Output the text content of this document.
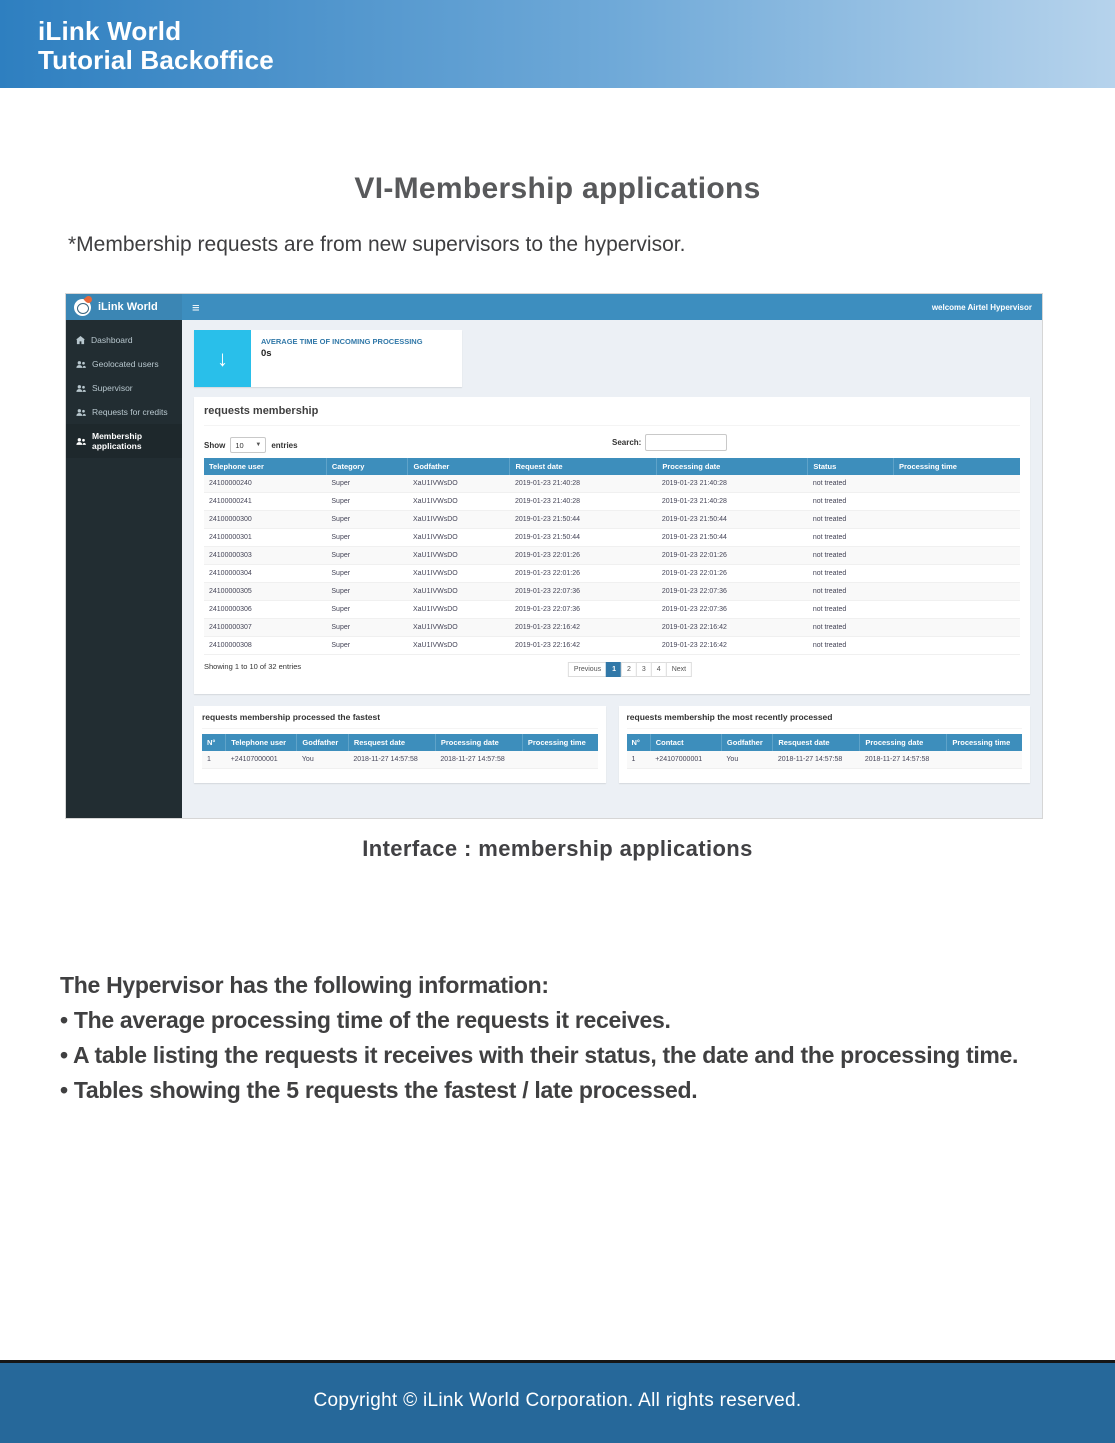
iLink World
Tutorial Backoffice
VI-Membership applications
*Membership requests are from new supervisors to the hypervisor.
iLink World	≡	welcome Airtel Hypervisor
Dashboard
Geolocated users
Supervisor
Requests for credits
Membership applications
↓
AVERAGE TIME OF INCOMING PROCESSING
0s
requests membership
Show 10 ▼ entries	Search:
Telephone user	Category	Godfather	Request date	Processing date	Status	Processing time
24100000240	Super	XaU1IVWsDO	2019-01-23 21:40:28	2019-01-23 21:40:28	not treated	
24100000241	Super	XaU1IVWsDO	2019-01-23 21:40:28	2019-01-23 21:40:28	not treated	
24100000300	Super	XaU1IVWsDO	2019-01-23 21:50:44	2019-01-23 21:50:44	not treated	
24100000301	Super	XaU1IVWsDO	2019-01-23 21:50:44	2019-01-23 21:50:44	not treated	
24100000303	Super	XaU1IVWsDO	2019-01-23 22:01:26	2019-01-23 22:01:26	not treated	
24100000304	Super	XaU1IVWsDO	2019-01-23 22:01:26	2019-01-23 22:01:26	not treated	
24100000305	Super	XaU1IVWsDO	2019-01-23 22:07:36	2019-01-23 22:07:36	not treated	
24100000306	Super	XaU1IVWsDO	2019-01-23 22:07:36	2019-01-23 22:07:36	not treated	
24100000307	Super	XaU1IVWsDO	2019-01-23 22:16:42	2019-01-23 22:16:42	not treated	
24100000308	Super	XaU1IVWsDO	2019-01-23 22:16:42	2019-01-23 22:16:42	not treated	
Showing 1 to 10 of 32 entries	Previous	1	2	3	4	Next
requests membership processed the fastest
N°	Telephone user	Godfather	Resquest date	Processing date	Processing time
1	+24107000001	You	2018-11-27 14:57:58	2018-11-27 14:57:58	
requests membership the most recently processed
N°	Contact	Godfather	Resquest date	Processing date	Processing time
1	+24107000001	You	2018-11-27 14:57:58	2018-11-27 14:57:58	
Interface : membership applications
The Hypervisor has the following information:
• The average processing time of the requests it receives.
• A table listing the requests it receives with their status, the date and the processing time.
• Tables showing the 5 requests the fastest / late processed.
Copyright © iLink World Corporation. All rights reserved.
